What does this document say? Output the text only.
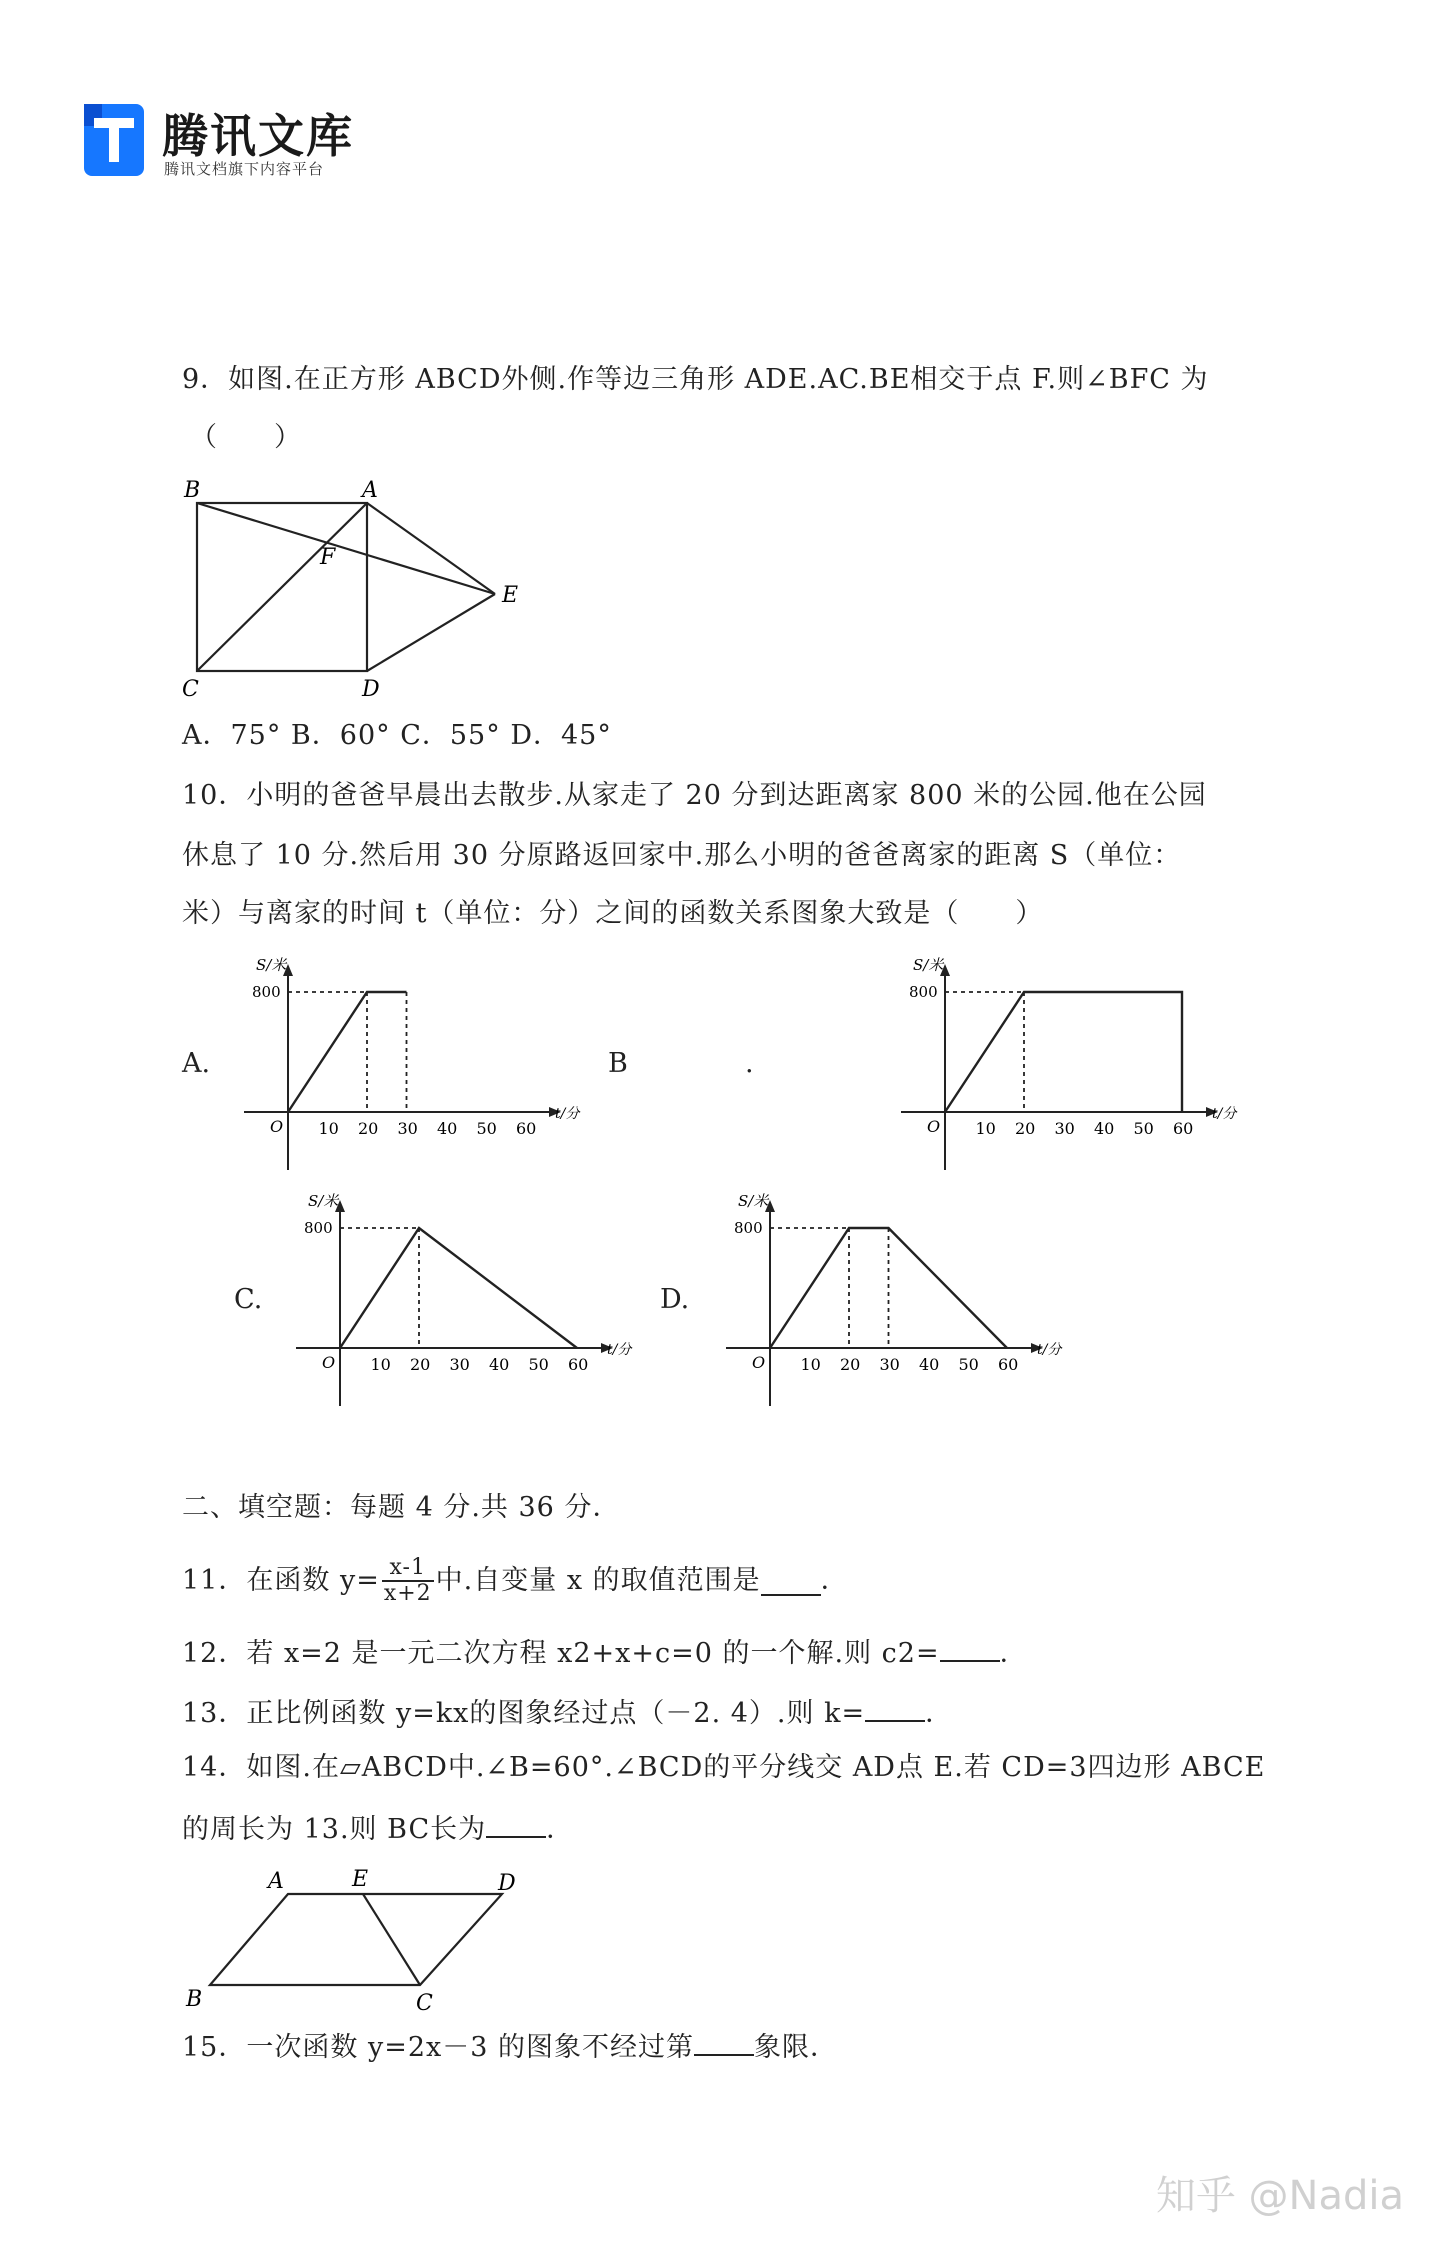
腾讯文库
腾讯文档旗下内容平台
9．如图.在正方形 ABCD外侧.作等边三角形 ADE.AC.BE相交于点 F.则∠BFC 为
（　　）
B	A
F
E
C	D
A．75° B．60° C．55° D．45°
10．小明的爸爸早晨出去散步.从家走了 20 分到达距离家 800 米的公园.他在公园
休息了 10 分.然后用 30 分原路返回家中.那么小明的爸爸离家的距离 S（单位：
米）与离家的时间 t（单位：分）之间的函数关系图象大致是（　　）
A.	B	.
C.	D.
S/米
t/分
800
O 10 20 30 40 50 60
S/米
t/分
800
O 10 20 30 40 50 60
S/米
t/分
800
O 10 20 30 40 50 60
S/米
t/分
800
O 10 20 30 40 50 60
二、填空题：每题 4 分.共 36 分．
11．在函数 $y= \frac{x-1}{x+2}$ 中.自变量 x 的取值范围是 ．
12．若 x=2 是一元二次方程 x2+x+c=0 的一个解.则 c2= ．
13．正比例函数 y=kx的图象经过点（－2. 4）.则 k= ．
14．如图.在▱ABCD中.∠B=60°.∠BCD的平分线交 AD点 E.若 CD=3四边形 ABCE
的周长为 13.则 BC长为 ．
A	E	D
B	C
15．一次函数 y=2x－3 的图象不经过第 象限．
知乎 @Nadia
